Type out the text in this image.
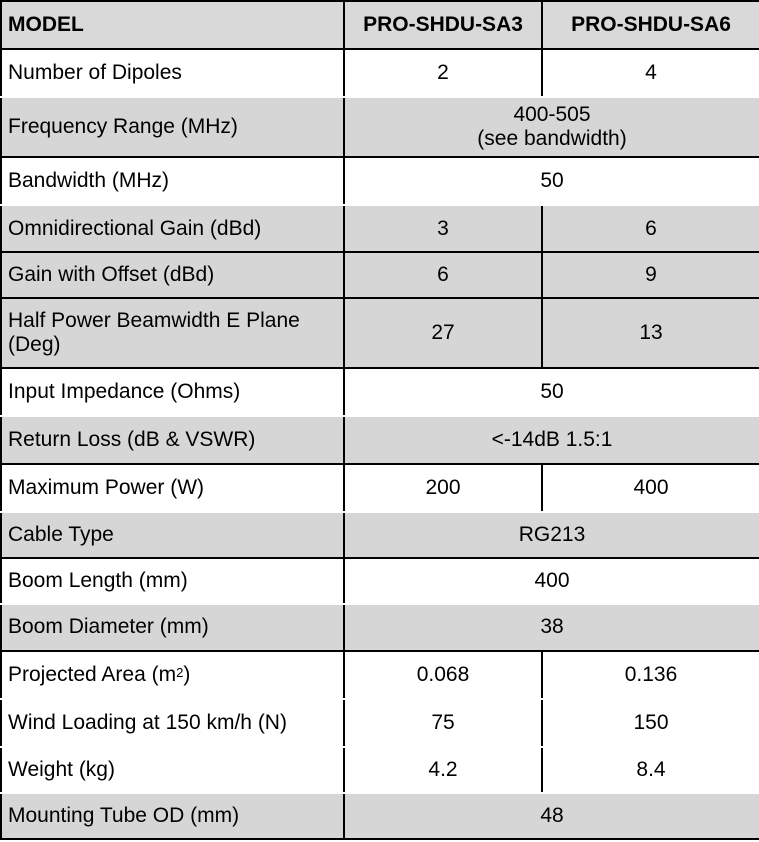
MODEL	PRO-SHDU-SA3	PRO-SHDU-SA6
Number of Dipoles	2	4
Frequency Range (MHz)	400-505
(see bandwidth)	

Bandwidth (MHz)	50	
Omnidirectional Gain (dBd)	3	6
Gain with Offset (dBd)	6	9

Half Power Beamwidth E Plane
(Deg)	27	13
Input Impedance (Ohms)	50	
Return Loss (dB & VSWR)	<-14dB 1.5:1	
Maximum Power (W)	200	400
Cable Type	RG213	
Boom Length (mm)	400	
Boom Diameter (mm)	38	
Projected Area $(m^2)$	0.068	0.136
Wind Loading at 150 km/h (N)	75	150
Weight (kg)	4.2	8.4
Mounting Tube OD (mm)	48	
